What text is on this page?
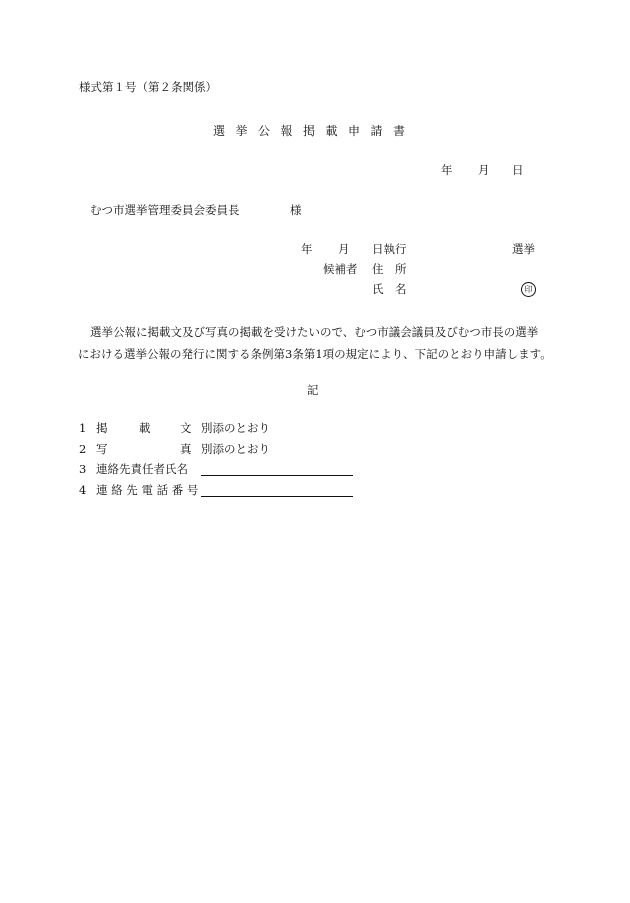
様式第１号（第２条関係）
選挙公報掲載申請書
年 月 日
むつ市選挙管理委員会委員長	様
年 月 日執行	選挙
候補者 住　所
氏　名	印
選挙公報に掲載文及び写真の掲載を受けたいので、むつ市議会議員及びむつ市長の選挙
における選挙公報の発行に関する条例第3条第1項の規定により、下記のとおり申請します。
記
1 掲	載	文 別添のとおり
2 写	真 別添のとおり
3 連絡先責任者氏名
4 連 絡 先 電 話 番 号
